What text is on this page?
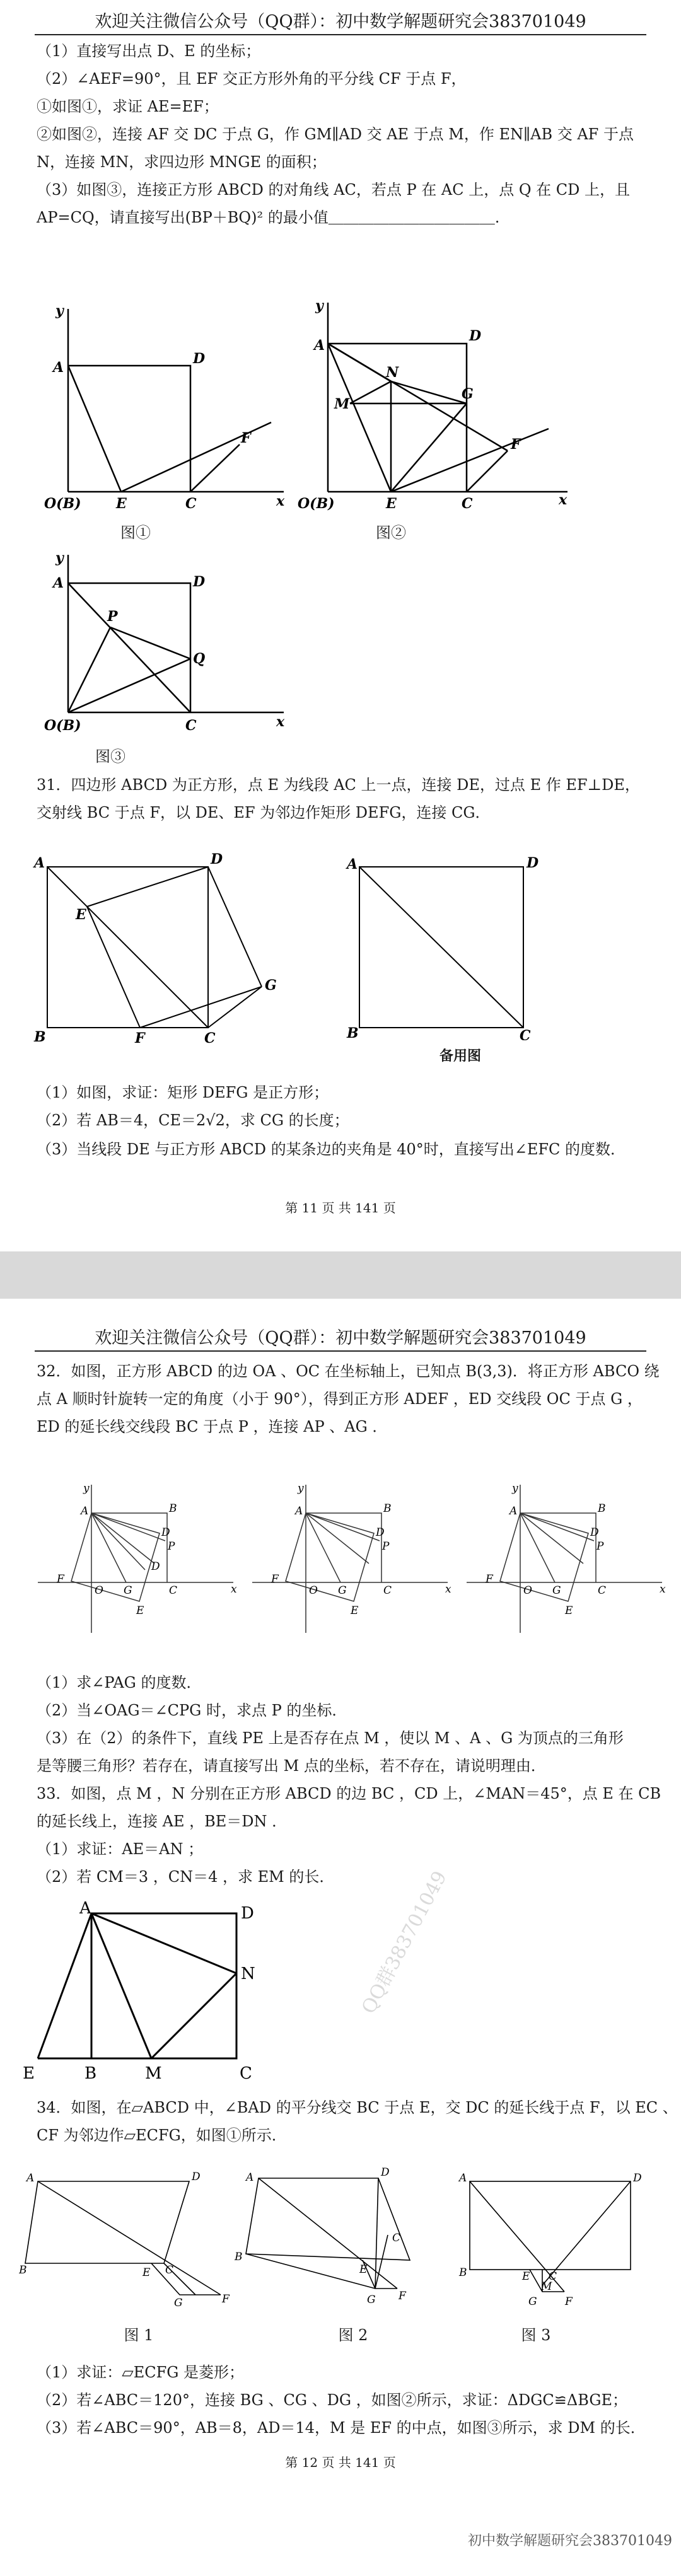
欢迎关注微信公众号（QQ群）：初中数学解题研究会383701049
（1）直接写出点 D、E 的坐标；
（2）∠AEF=90°，且 EF 交正方形外角的平分线 CF 于点 F，
①如图①，求证 AE=EF；
②如图②，连接 AF 交 DC 于点 G，作 GM∥AD 交 AE 于点 M，作 EN∥AB 交 AF 于点
N，连接 MN，求四边形 MNGE 的面积；
（3）如图③，连接正方形 ABCD 的对角线 AC，若点 P 在 AC 上，点 Q 在 CD 上，且
AP=CQ，请直接写出(BP＋BQ)² 的最小值＿＿＿＿＿＿＿＿＿＿＿.
y
A
D
F
O(B)	E	C	x
图①
y
A
D
N
M
G
F
O(B)	E	C	x
图②
y
A	D
P
Q
O(B)	C	x
图③
31．四边形 ABCD 为正方形，点 E 为线段 AC 上一点，连接 DE，过点 E 作 EF⊥DE，
交射线 BC 于点 F，以 DE、EF 为邻边作矩形 DEFG，连接 CG．
A	D
E
G
B	F	C
A	D
B	C
备用图
（1）如图，求证：矩形 DEFG 是正方形；
（2）若 AB＝4，CE＝2√2，求 CG 的长度；
（3）当线段 DE 与正方形 ABCD 的某条边的夹角是 40°时，直接写出∠EFC 的度数．
第 11 页 共 141 页
欢迎关注微信公众号（QQ群）：初中数学解题研究会383701049
32．如图，正方形 ABCD 的边 OA 、OC 在坐标轴上，已知点 B(3,3)．将正方形 ABCO 绕
点 A 顺时针旋转一定的角度（小于 90°），得到正方形 ADEF ，ED 交线段 OC 于点 G ，
ED 的延长线交线段 BC 于点 P ，连接 AP 、AG ．
y
A	B
D
P
D
F
O G	C
E
x
y
A	B
D
P
F
O G	C
E
x
y
A	B
D
P
F
O G	C
E
x
（1）求∠PAG 的度数．
（2）当∠OAG＝∠CPG 时，求点 P 的坐标．
（3）在（2）的条件下，直线 PE 上是否存在点 M ，使以 M 、A 、G 为顶点的三角形
是等腰三角形？若存在，请直接写出 M 点的坐标，若不存在，请说明理由．
33．如图，点 M ，N 分别在正方形 ABCD 的边 BC ，CD 上，∠MAN＝45°，点 E 在 CB
的延长线上，连接 AE ，BE＝DN ．
（1）求证：AE＝AN ；
（2）若 CM＝3 ，CN＝4 ，求 EM 的长．
A	D
N
E	B	M	C
QQ群383701049
34．如图，在▱ABCD 中，∠BAD 的平分线交 BC 于点 E，交 DC 的延长线于点 F，以 EC 、
CF 为邻边作▱ECFG，如图①所示．
A	D
B	E C
G	F
A	D
B
E
C
G F
A	D
B	E C
M
G	F
图 1	图 2	图 3
（1）求证：▱ECFG 是菱形；
（2）若∠ABC＝120°，连接 BG 、CG 、DG ，如图②所示，求证：ΔDGC≌ΔBGE；
（3）若∠ABC＝90°，AB＝8，AD＝14，M 是 EF 的中点，如图③所示，求 DM 的长．
第 12 页 共 141 页
初中数学解题研究会383701049
